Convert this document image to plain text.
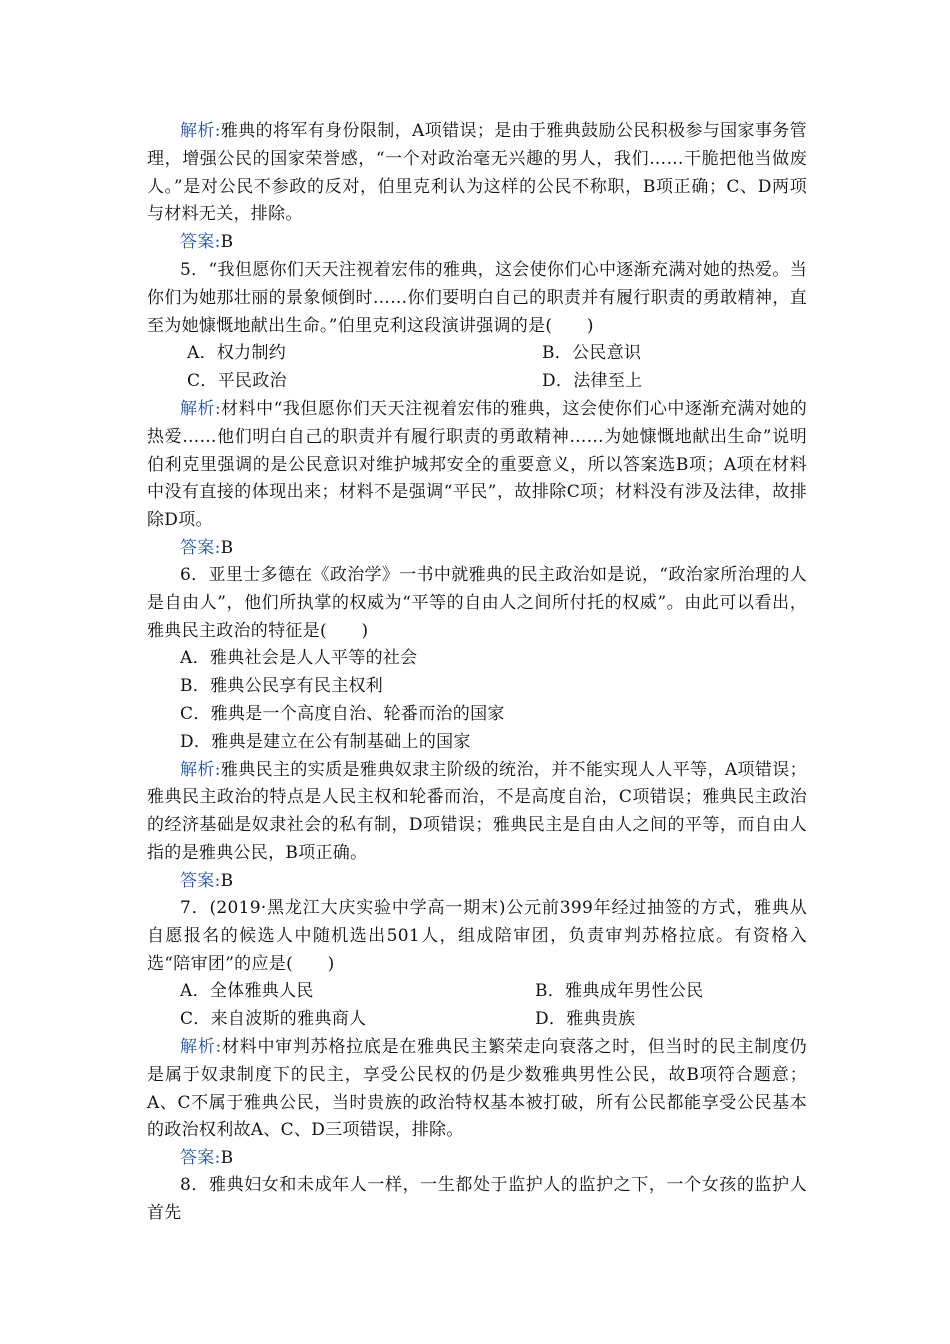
解析:雅典的将军有身份限制，A项错误；是由于雅典鼓励公民积极参与国家事务管理，增强公民的国家荣誉感，“一个对政治毫无兴趣的男人，我们……干脆把他当做废人。”是对公民不参政的反对，伯里克利认为这样的公民不称职，B项正确；C、D两项与材料无关，排除。

答案:B

5．“我但愿你们天天注视着宏伟的雅典，这会使你们心中逐渐充满对她的热爱。当你们为她那壮丽的景象倾倒时……你们要明白自己的职责并有履行职责的勇敢精神，直至为她慷慨地献出生命。”伯里克利这段演讲强调的是(　　)

A．权力制约	B．公民意识
C．平民政治	D．法律至上

解析:材料中“我但愿你们天天注视着宏伟的雅典，这会使你们心中逐渐充满对她的热爱……他们明白自己的职责并有履行职责的勇敢精神……为她慷慨地献出生命”说明伯利克里强调的是公民意识对维护城邦安全的重要意义，所以答案选B项；A项在材料中没有直接的体现出来；材料不是强调“平民”，故排除C项；材料没有涉及法律，故排除D项。

答案:B

6．亚里士多德在《政治学》一书中就雅典的民主政治如是说，“政治家所治理的人是自由人”，他们所执掌的权威为“平等的自由人之间所付托的权威”。由此可以看出，雅典民主政治的特征是(　　)

A．雅典社会是人人平等的社会

B．雅典公民享有民主权利

C．雅典是一个高度自治、轮番而治的国家

D．雅典是建立在公有制基础上的国家

解析:雅典民主的实质是雅典奴隶主阶级的统治，并不能实现人人平等，A项错误；雅典民主政治的特点是人民主权和轮番而治，不是高度自治，C项错误；雅典民主政治的经济基础是奴隶社会的私有制，D项错误；雅典民主是自由人之间的平等，而自由人指的是雅典公民，B项正确。

答案:B

7．(2019·黑龙江大庆实验中学高一期末)公元前399年经过抽签的方式，雅典从自愿报名的候选人中随机选出501人，组成陪审团，负责审判苏格拉底。有资格入选“陪审团”的应是(　　)

A．全体雅典人民	B．雅典成年男性公民
C．来自波斯的雅典商人	D．雅典贵族

解析:材料中审判苏格拉底是在雅典民主繁荣走向衰落之时，但当时的民主制度仍是属于奴隶制度下的民主，享受公民权的仍是少数雅典男性公民，故B项符合题意；A、C不属于雅典公民，当时贵族的政治特权基本被打破，所有公民都能享受公民基本的政治权利故A、C、D三项错误，排除。

答案:B

8．雅典妇女和未成年人一样，一生都处于监护人的监护之下，一个女孩的监护人首先
